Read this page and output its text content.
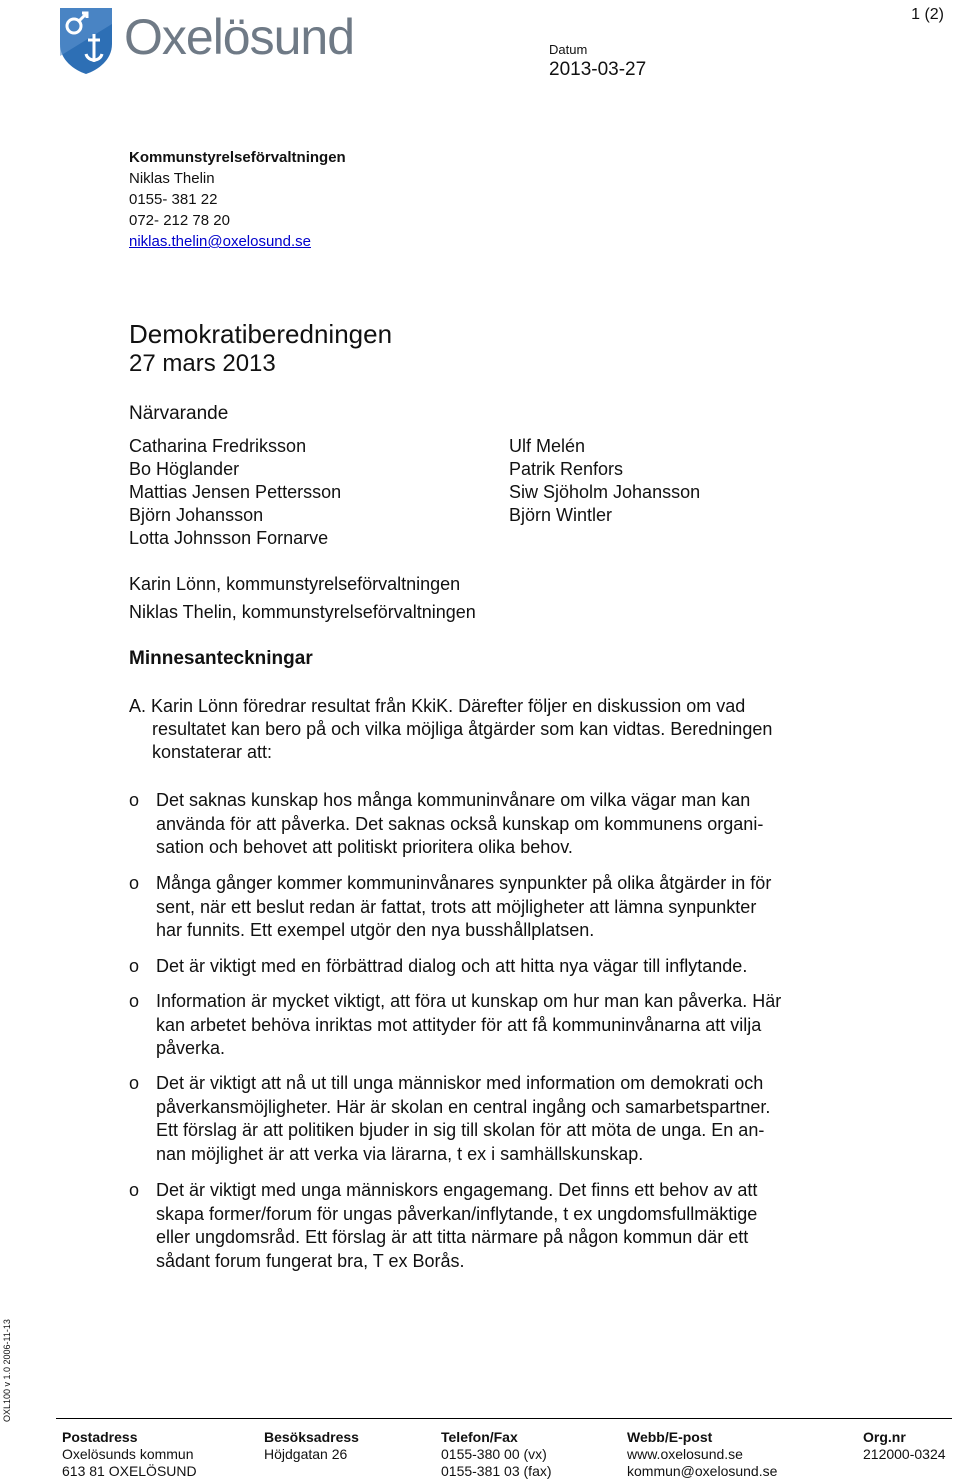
Oxelösund	1 (2)
Datum
2013-03-27
Kommunstyrelseförvaltningen
Niklas Thelin
0155- 381 22
072- 212 78 20
niklas.thelin@oxelosund.se
Demokratiberedningen
27 mars 2013
Närvarande
Catharina Fredriksson
Bo Höglander
Mattias Jensen Pettersson
Björn Johansson
Lotta Johnsson Fornarve
Ulf Melén
Patrik Renfors
Siw Sjöholm Johansson
Björn Wintler
Karin Lönn, kommunstyrelseförvaltningen
Niklas Thelin, kommunstyrelseförvaltningen
Minnesanteckningar
A. Karin Lönn föredrar resultat från KkiK. Därefter följer en diskussion om vad
resultatet kan bero på och vilka möjliga åtgärder som kan vidtas. Beredningen
konstaterar att:
o Det saknas kunskap hos många kommuninvånare om vilka vägar man kan
använda för att påverka. Det saknas också kunskap om kommunens organi-
sation och behovet att politiskt prioritera olika behov.
o Många gånger kommer kommuninvånares synpunkter på olika åtgärder in för
sent, när ett beslut redan är fattat, trots att möjligheter att lämna synpunkter
har funnits. Ett exempel utgör den nya busshållplatsen.
o Det är viktigt med en förbättrad dialog och att hitta nya vägar till inflytande.
o Information är mycket viktigt, att föra ut kunskap om hur man kan påverka. Här
kan arbetet behöva inriktas mot attityder för att få kommuninvånarna att vilja
påverka.
o Det är viktigt att nå ut till unga människor med information om demokrati och
påverkansmöjligheter. Här är skolan en central ingång och samarbetspartner.
Ett förslag är att politiken bjuder in sig till skolan för att möta de unga. En an-
nan möjlighet är att verka via lärarna, t ex i samhällskunskap.
o Det är viktigt med unga människors engagemang. Det finns ett behov av att
skapa former/forum för ungas påverkan/inflytande, t ex ungdomsfullmäktige
eller ungdomsråd. Ett förslag är att titta närmare på någon kommun där ett
sådant forum fungerat bra, T ex Borås.
OXL100 v 1.0 2006-11-13
Postadress
Oxelösunds kommun
613 81 OXELÖSUND
Besöksadress
Höjdgatan 26
Telefon/Fax
0155-380 00 (vx)
0155-381 03 (fax)
Webb/E-post
www.oxelosund.se
kommun@oxelosund.se
Org.nr
212000-0324
